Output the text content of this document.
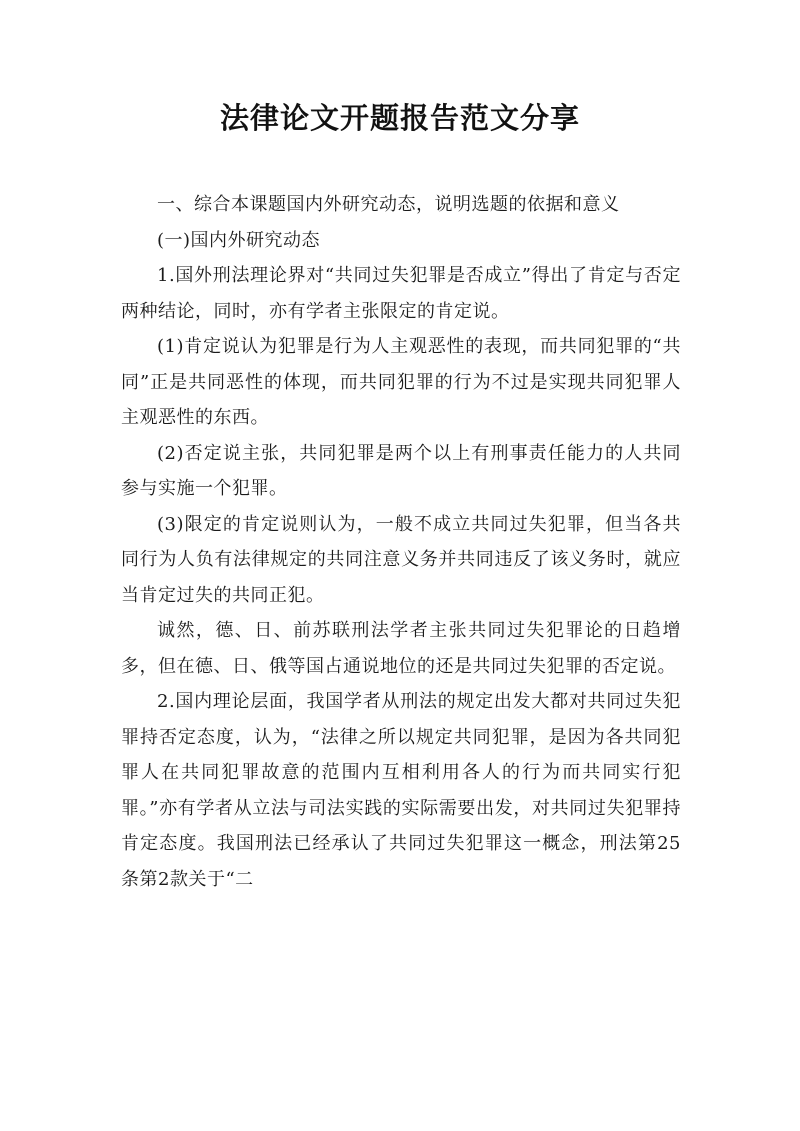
法律论文开题报告范文分享

一、综合本课题国内外研究动态，说明选题的依据和意义

(一)国内外研究动态

1.国外刑法理论界对“共同过失犯罪是否成立”得出了肯定与否定两种结论，同时，亦有学者主张限定的肯定说。

(1)肯定说认为犯罪是行为人主观恶性的表现，而共同犯罪的“共同”正是共同恶性的体现，而共同犯罪的行为不过是实现共同犯罪人主观恶性的东西。

(2)否定说主张，共同犯罪是两个以上有刑事责任能力的人共同参与实施一个犯罪。

(3)限定的肯定说则认为，一般不成立共同过失犯罪，但当各共同行为人负有法律规定的共同注意义务并共同违反了该义务时，就应当肯定过失的共同正犯。

诚然，德、日、前苏联刑法学者主张共同过失犯罪论的日趋增多，但在德、日、俄等国占通说地位的还是共同过失犯罪的否定说。

2.国内理论层面，我国学者从刑法的规定出发大都对共同过失犯罪持否定态度，认为，“法律之所以规定共同犯罪，是因为各共同犯罪人在共同犯罪故意的范围内互相利用各人的行为而共同实行犯罪。”亦有学者从立法与司法实践的实际需要出发，对共同过失犯罪持肯定态度。我国刑法已经承认了共同过失犯罪这一概念，刑法第25条第2款关于“二
